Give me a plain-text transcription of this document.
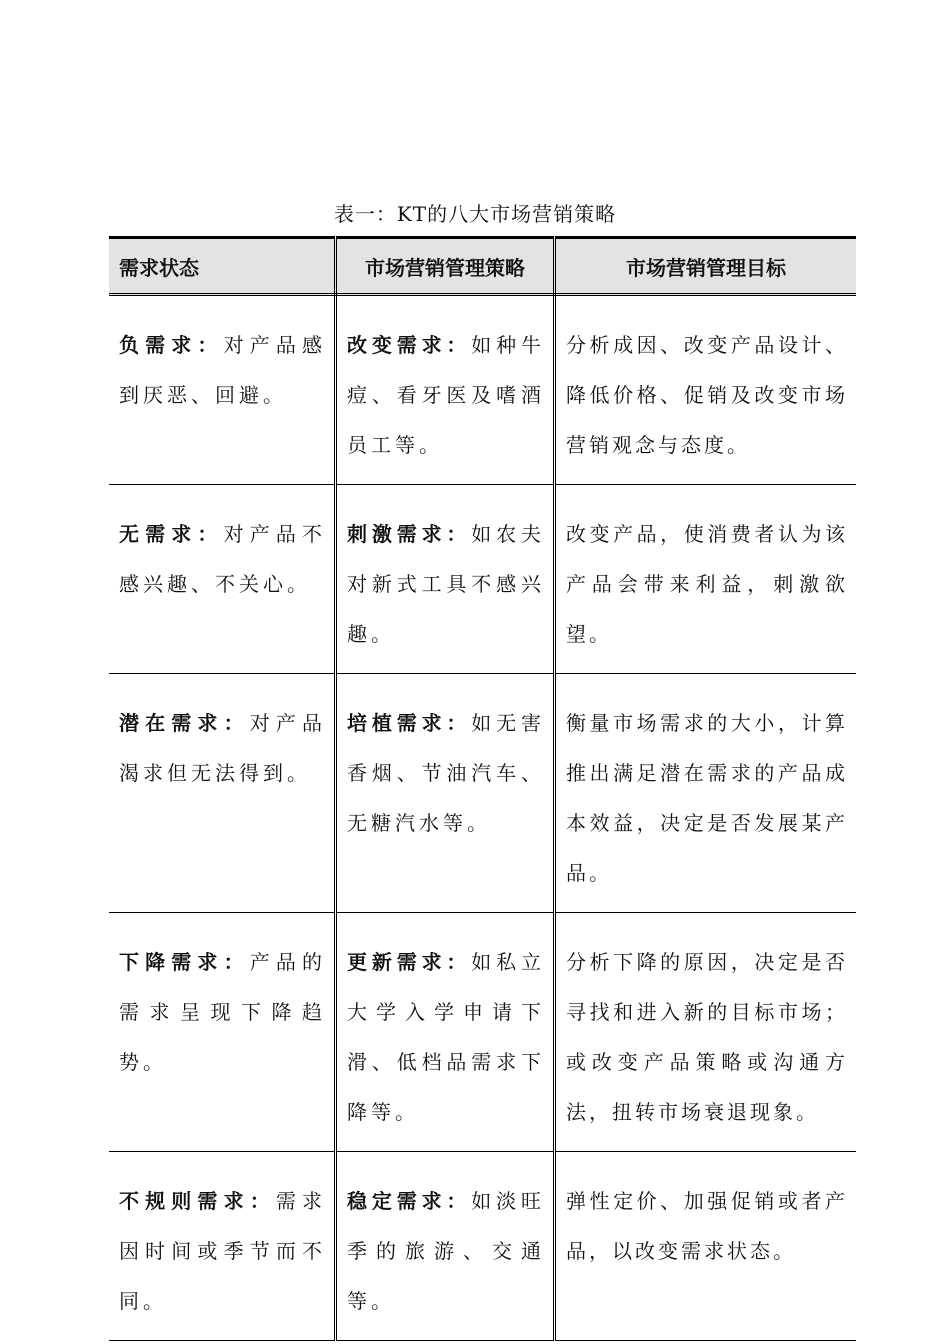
表一：KT的八大市场营销策略
需求状态	市场营销管理策略	市场营销管理目标
负需求：对产品感到厌恶、回避。	改变需求：如种牛痘、看牙医及嗜酒员工等。	分析成因、改变产品设计、降低价格、促销及改变市场营销观念与态度。
无需求：对产品不感兴趣、不关心。	刺激需求：如农夫对新式工具不感兴趣。	改变产品，使消费者认为该产品会带来利益，刺激欲望。
潜在需求：对产品渴求但无法得到。	培植需求：如无害香烟、节油汽车、无糖汽水等。	衡量市场需求的大小，计算推出满足潜在需求的产品成本效益，决定是否发展某产品。
下降需求：产品的需求呈现下降趋势。	更新需求：如私立大学入学申请下滑、低档品需求下降等。	分析下降的原因，决定是否寻找和进入新的目标市场；或改变产品策略或沟通方法，扭转市场衰退现象。
不规则需求：需求因时间或季节而不同。	稳定需求：如淡旺季的旅游、交通等。	弹性定价、加强促销或者产品，以改变需求状态。
